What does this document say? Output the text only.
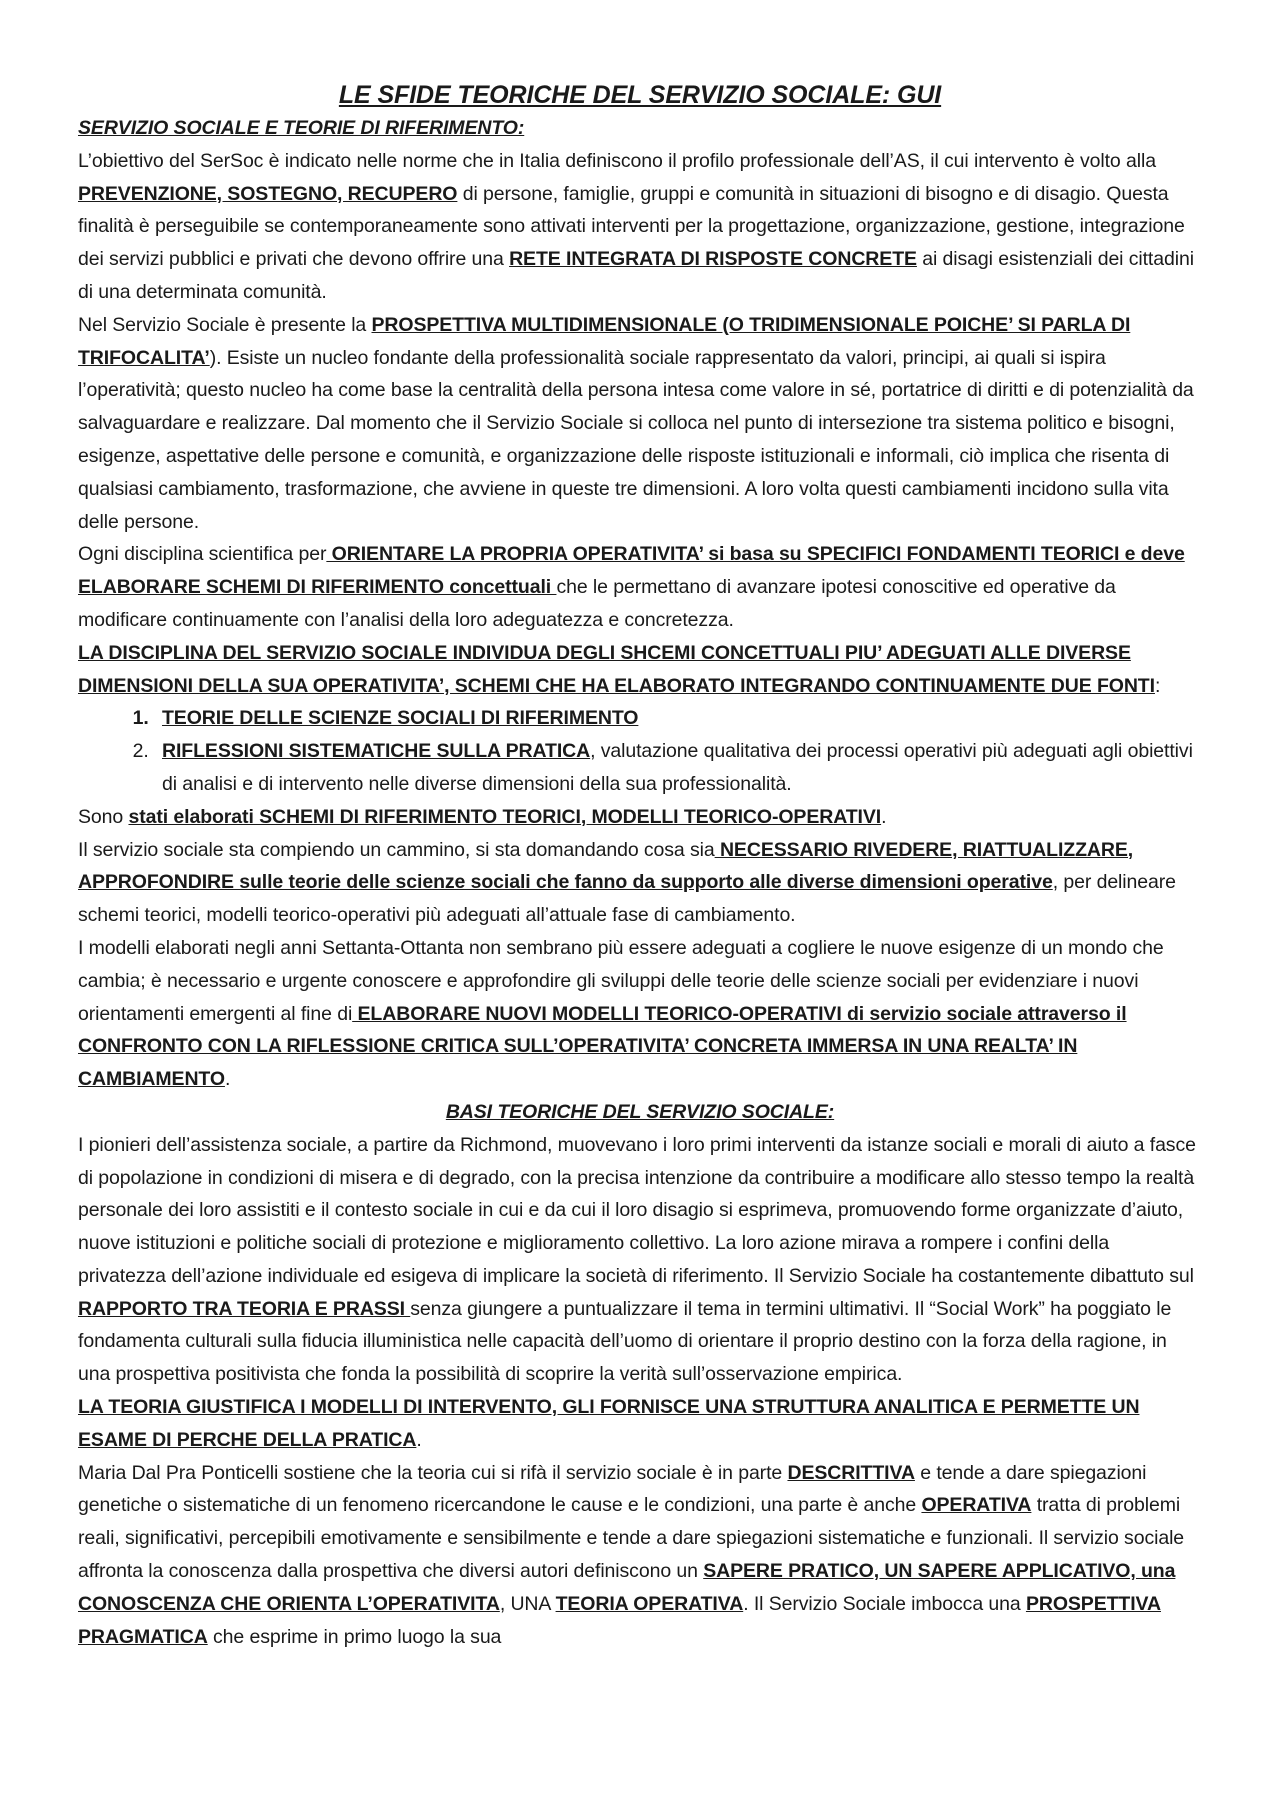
LE SFIDE TEORICHE DEL SERVIZIO SOCIALE: GUI

SERVIZIO SOCIALE E TEORIE DI RIFERIMENTO:

L’obiettivo del SerSoc è indicato nelle norme che in Italia definiscono il profilo professionale dell’AS, il cui intervento è volto alla PREVENZIONE, SOSTEGNO, RECUPERO di persone, famiglie, gruppi e comunità in situazioni di bisogno e di disagio. Questa finalità è perseguibile se contemporaneamente sono attivati interventi per la progettazione, organizzazione, gestione, integrazione dei servizi pubblici e privati che devono offrire una RETE INTEGRATA DI RISPOSTE CONCRETE ai disagi esistenziali dei cittadini di una determinata comunità.

Nel Servizio Sociale è presente la PROSPETTIVA MULTIDIMENSIONALE (O TRIDIMENSIONALE POICHE’ SI PARLA DI TRIFOCALITA’). Esiste un nucleo fondante della professionalità sociale rappresentato da valori, principi, ai quali si ispira l’operatività; questo nucleo ha come base la centralità della persona intesa come valore in sé, portatrice di diritti e di potenzialità da salvaguardare e realizzare. Dal momento che il Servizio Sociale si colloca nel punto di intersezione tra sistema politico e bisogni, esigenze, aspettative delle persone e comunità, e organizzazione delle risposte istituzionali e informali, ciò implica che risenta di qualsiasi cambiamento, trasformazione, che avviene in queste tre dimensioni. A loro volta questi cambiamenti incidono sulla vita delle persone.

Ogni disciplina scientifica per ORIENTARE LA PROPRIA OPERATIVITA’ si basa su SPECIFICI FONDAMENTI TEORICI e deve ELABORARE SCHEMI DI RIFERIMENTO concettuali che le permettano di avanzare ipotesi conoscitive ed operative da modificare continuamente con l’analisi della loro adeguatezza e concretezza.

LA DISCIPLINA DEL SERVIZIO SOCIALE INDIVIDUA DEGLI SHCEMI CONCETTUALI PIU’ ADEGUATI ALLE DIVERSE DIMENSIONI DELLA SUA OPERATIVITA’, SCHEMI CHE HA ELABORATO INTEGRANDO CONTINUAMENTE DUE FONTI:

1. TEORIE DELLE SCIENZE SOCIALI DI RIFERIMENTO
2. RIFLESSIONI SISTEMATICHE SULLA PRATICA, valutazione qualitativa dei processi operativi più adeguati agli obiettivi di analisi e di intervento nelle diverse dimensioni della sua professionalità.

Sono stati elaborati SCHEMI DI RIFERIMENTO TEORICI, MODELLI TEORICO-OPERATIVI.

Il servizio sociale sta compiendo un cammino, si sta domandando cosa sia NECESSARIO RIVEDERE, RIATTUALIZZARE, APPROFONDIRE sulle teorie delle scienze sociali che fanno da supporto alle diverse dimensioni operative, per delineare schemi teorici, modelli teorico-operativi più adeguati all’attuale fase di cambiamento.

I modelli elaborati negli anni Settanta-Ottanta non sembrano più essere adeguati a cogliere le nuove esigenze di un mondo che cambia; è necessario e urgente conoscere e approfondire gli sviluppi delle teorie delle scienze sociali per evidenziare i nuovi orientamenti emergenti al fine di ELABORARE NUOVI MODELLI TEORICO-OPERATIVI di servizio sociale attraverso il CONFRONTO CON LA RIFLESSIONE CRITICA SULL’OPERATIVITA’ CONCRETA IMMERSA IN UNA REALTA’ IN CAMBIAMENTO.

BASI TEORICHE DEL SERVIZIO SOCIALE:

I pionieri dell’assistenza sociale, a partire da Richmond, muovevano i loro primi interventi da istanze sociali e morali di aiuto a fasce di popolazione in condizioni di misera e di degrado, con la precisa intenzione da contribuire a modificare allo stesso tempo la realtà personale dei loro assistiti e il contesto sociale in cui e da cui il loro disagio si esprimeva, promuovendo forme organizzate d’aiuto, nuove istituzioni e politiche sociali di protezione e miglioramento collettivo. La loro azione mirava a rompere i confini della privatezza dell’azione individuale ed esigeva di implicare la società di riferimento. Il Servizio Sociale ha costantemente dibattuto sul RAPPORTO TRA TEORIA E PRASSI senza giungere a puntualizzare il tema in termini ultimativi. Il “Social Work” ha poggiato le fondamenta culturali sulla fiducia illuministica nelle capacità dell’uomo di orientare il proprio destino con la forza della ragione, in una prospettiva positivista che fonda la possibilità di scoprire la verità sull’osservazione empirica.

LA TEORIA GIUSTIFICA I MODELLI DI INTERVENTO, GLI FORNISCE UNA STRUTTURA ANALITICA E PERMETTE UN ESAME DI PERCHE DELLA PRATICA.

Maria Dal Pra Ponticelli sostiene che la teoria cui si rifà il servizio sociale è in parte DESCRITTIVA e tende a dare spiegazioni genetiche o sistematiche di un fenomeno ricercandone le cause e le condizioni, una parte è anche OPERATIVA tratta di problemi reali, significativi, percepibili emotivamente e sensibilmente e tende a dare spiegazioni sistematiche e funzionali. Il servizio sociale affronta la conoscenza dalla prospettiva che diversi autori definiscono un SAPERE PRATICO, UN SAPERE APPLICATIVO, una CONOSCENZA CHE ORIENTA L’OPERATIVITA, UNA TEORIA OPERATIVA. Il Servizio Sociale imbocca una PROSPETTIVA PRAGMATICA che esprime in primo luogo la sua
